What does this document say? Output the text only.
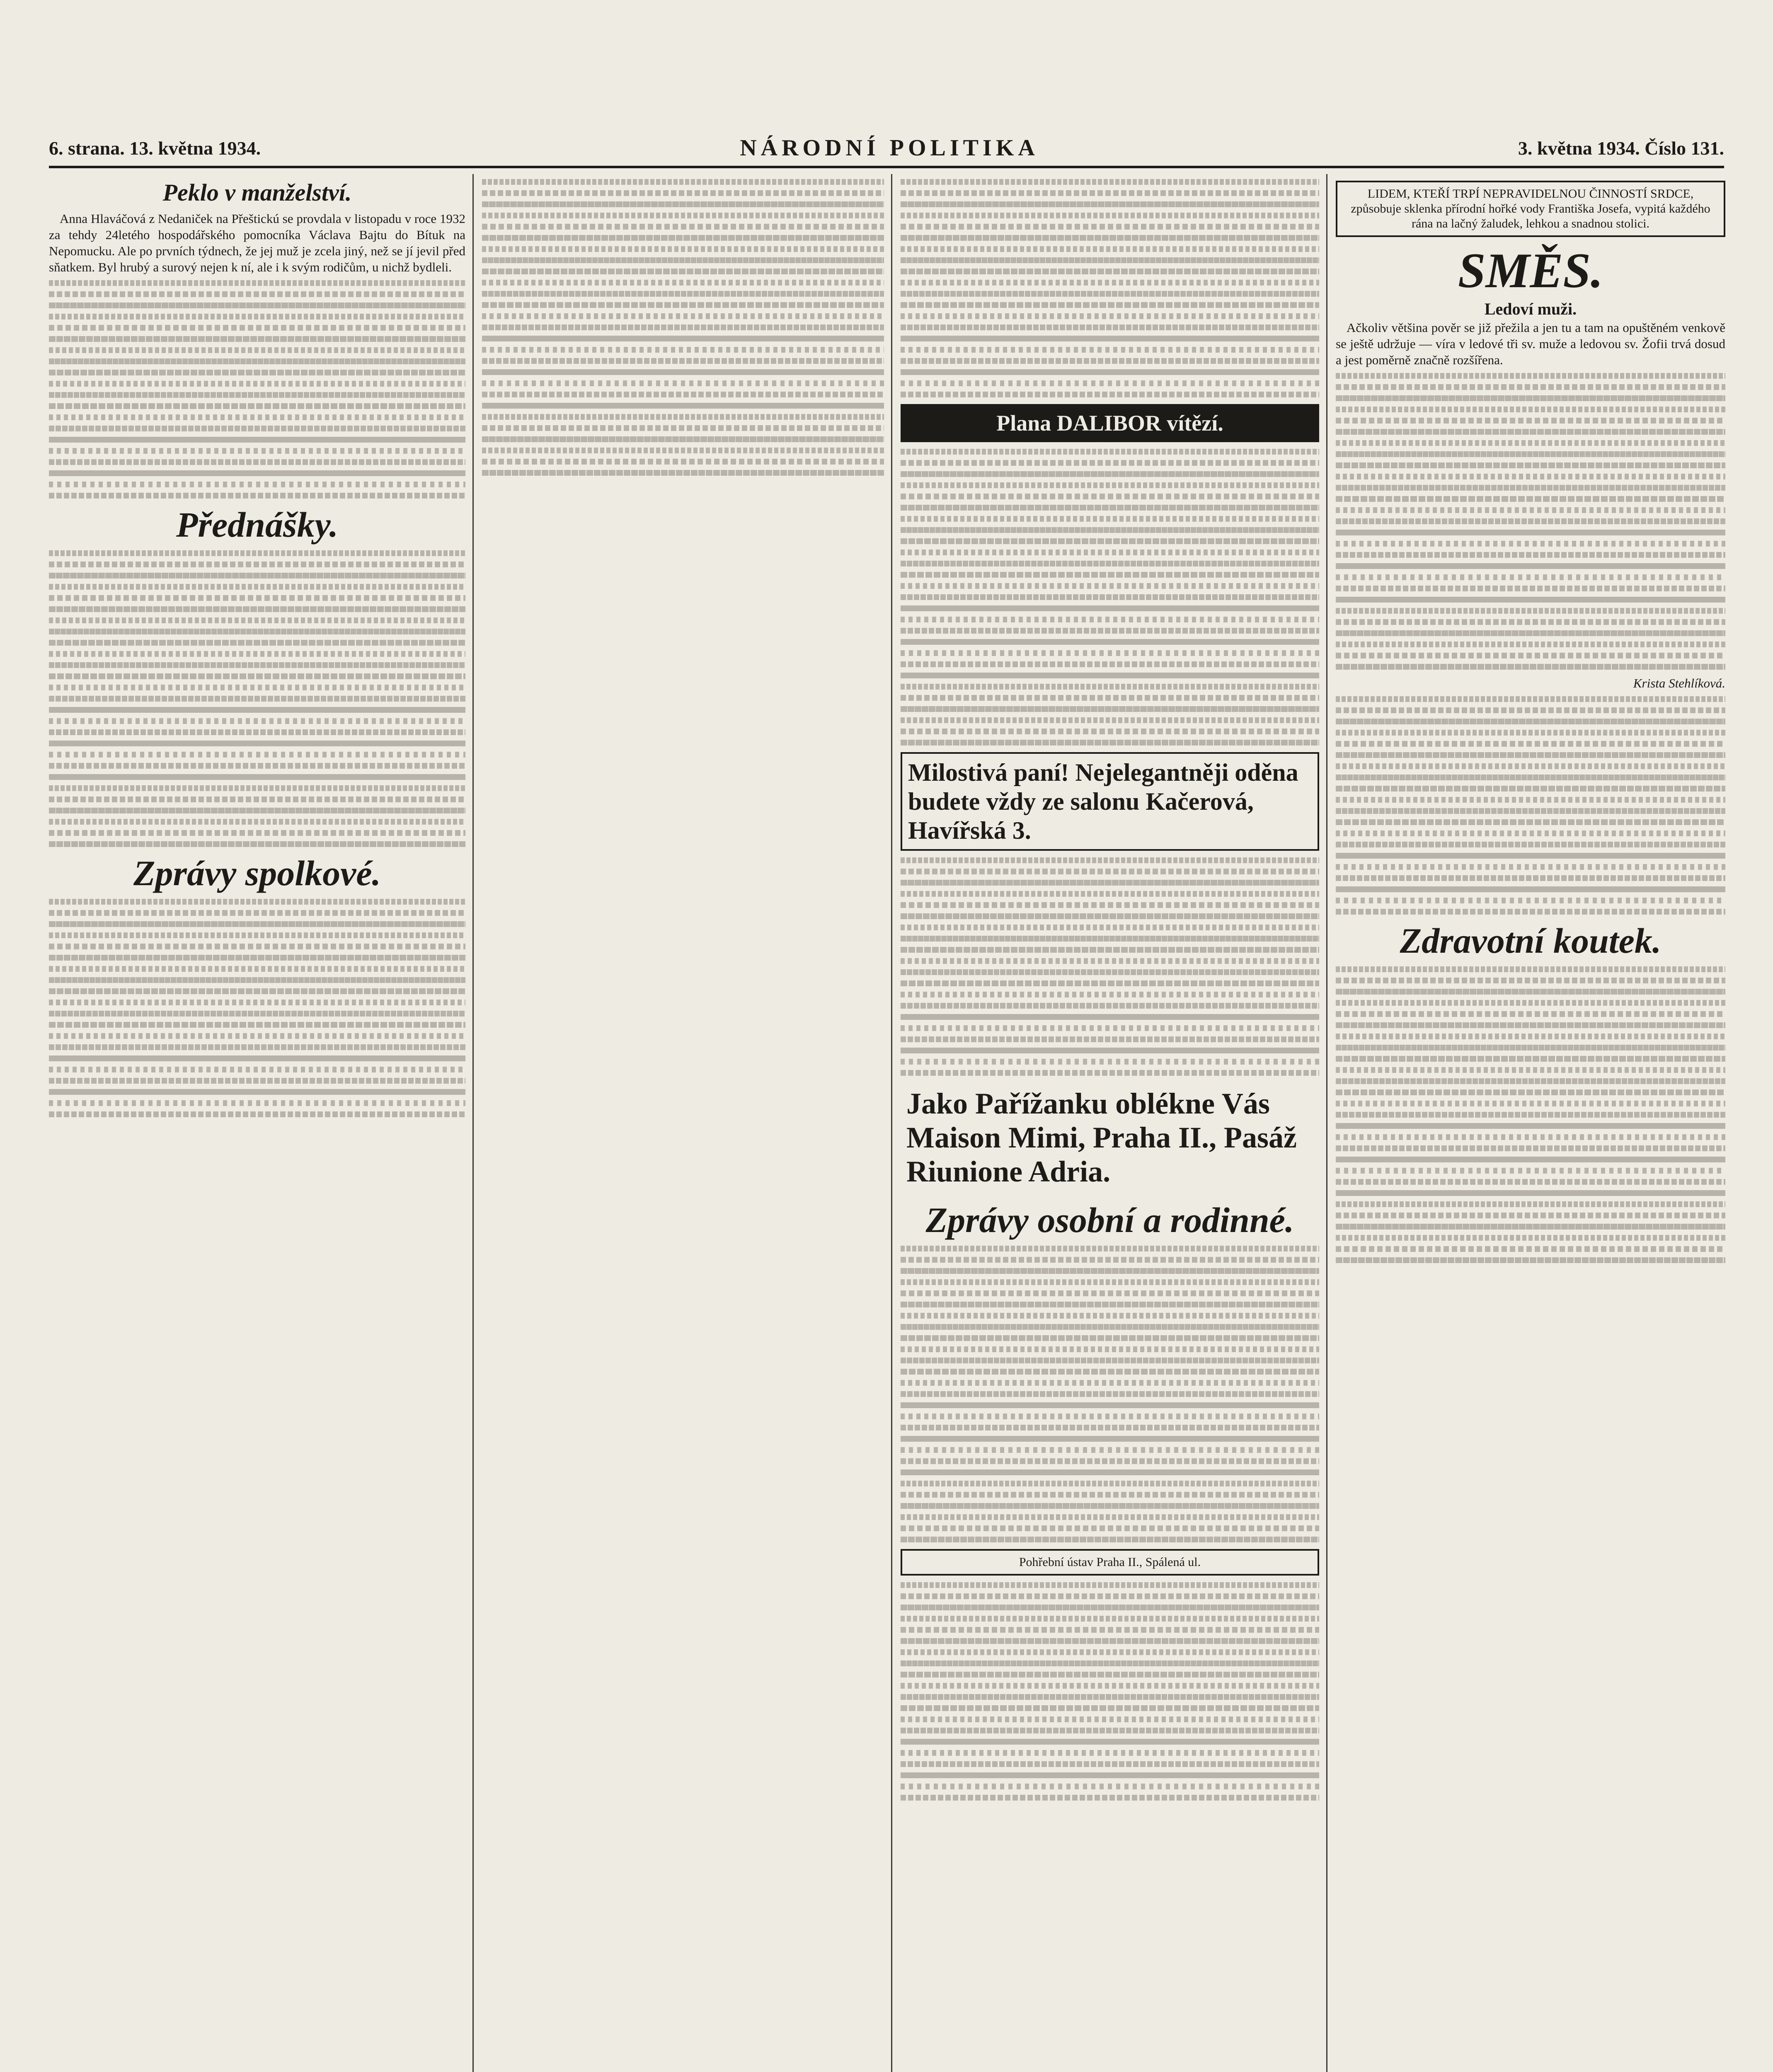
6. strana. 13. května 1934.	NÁRODNÍ POLITIKA	3. května 1934. Číslo 131.
Peklo v manželství.

Anna Hlaváčová z Nedaniček na Přeštickú se provdala v listopadu v roce 1932 za tehdy 24letého hospodářského pomocníka Václava Bajtu do Bítuk na Nepomucku. Ale po prvních týdnech, že jej muž je zcela jiný, než se jí jevil před sňatkem. Byl hrubý a surový nejen k ní, ale i k svým rodičům, u nichž bydleli.

Přednášky.
Zprávy spolkové.
Plana DALIBOR vítězí.
Milostivá paní! Nejelegantněji oděna budete vždy ze salonu Kačerová, Havířská 3.
Jako Pařížanku oblékne Vás Maison Mimi, Praha II., Pasáž Riunione Adria.
Zprávy osobní a rodinné.
Pohřební ústav Praha II., Spálená ul.
LIDEM, KTEŘÍ TRPÍ NEPRAVIDELNOU ČINNOSTÍ SRDCE, způsobuje sklenka přírodní hořké vody Františka Josefa, vypitá každého rána na lačný žaludek, lehkou a snadnou stolici.
SMĚS.
Ledoví muži.

Ačkoliv většina pověr se již přežila a jen tu a tam na opuštěném venkově se ještě udržuje — víra v ledové tři sv. muže a ledovou sv. Žofii trvá dosud a jest poměrně značně rozšířena.

Krista Stehlíková.
Zdravotní koutek.
